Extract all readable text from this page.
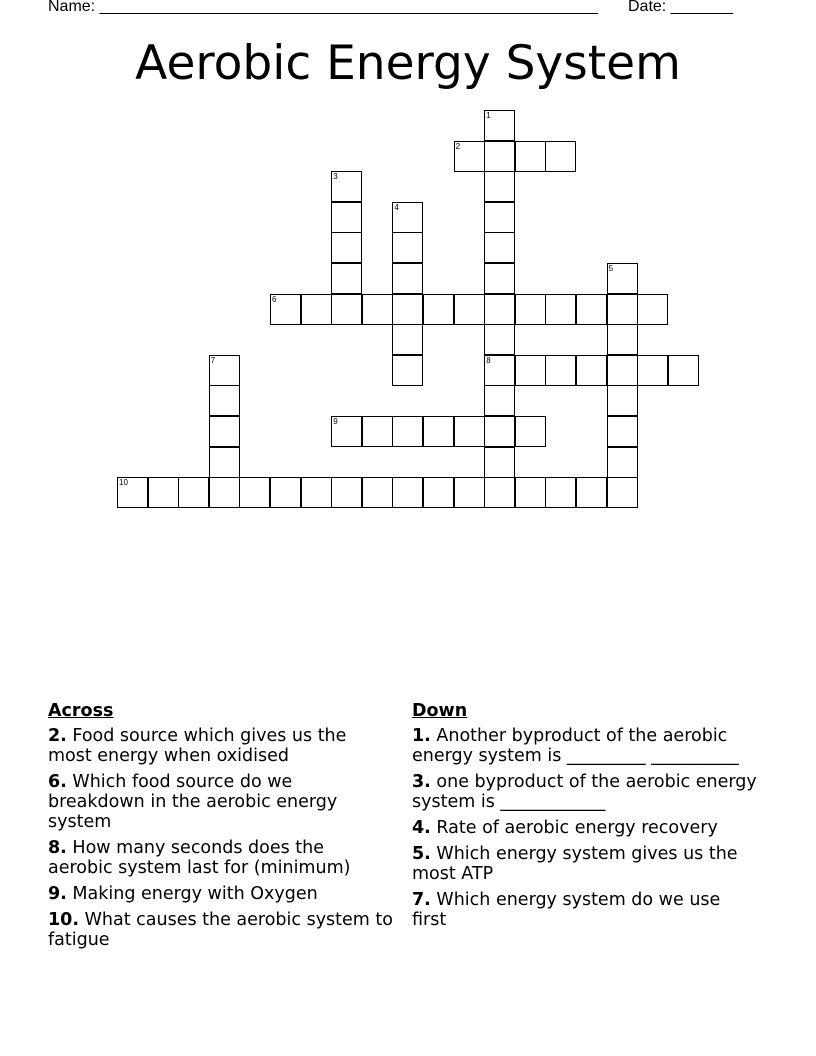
Name: ________________________________________________________ Date: _______
Aerobic Energy System
1
8
2
3
4
5
6
7
9
10
Across
2. Food source which gives us the most energy when oxidised
6. Which food source do we breakdown in the aerobic energy system
8. How many seconds does the aerobic system last for (minimum)
9. Making energy with Oxygen
10. What causes the aerobic system to fatigue
Down
1. Another byproduct of the aerobic energy system is _________ __________
3. one byproduct of the aerobic energy system is ____________
4. Rate of aerobic energy recovery
5. Which energy system gives us the most ATP
7. Which energy system do we use first
